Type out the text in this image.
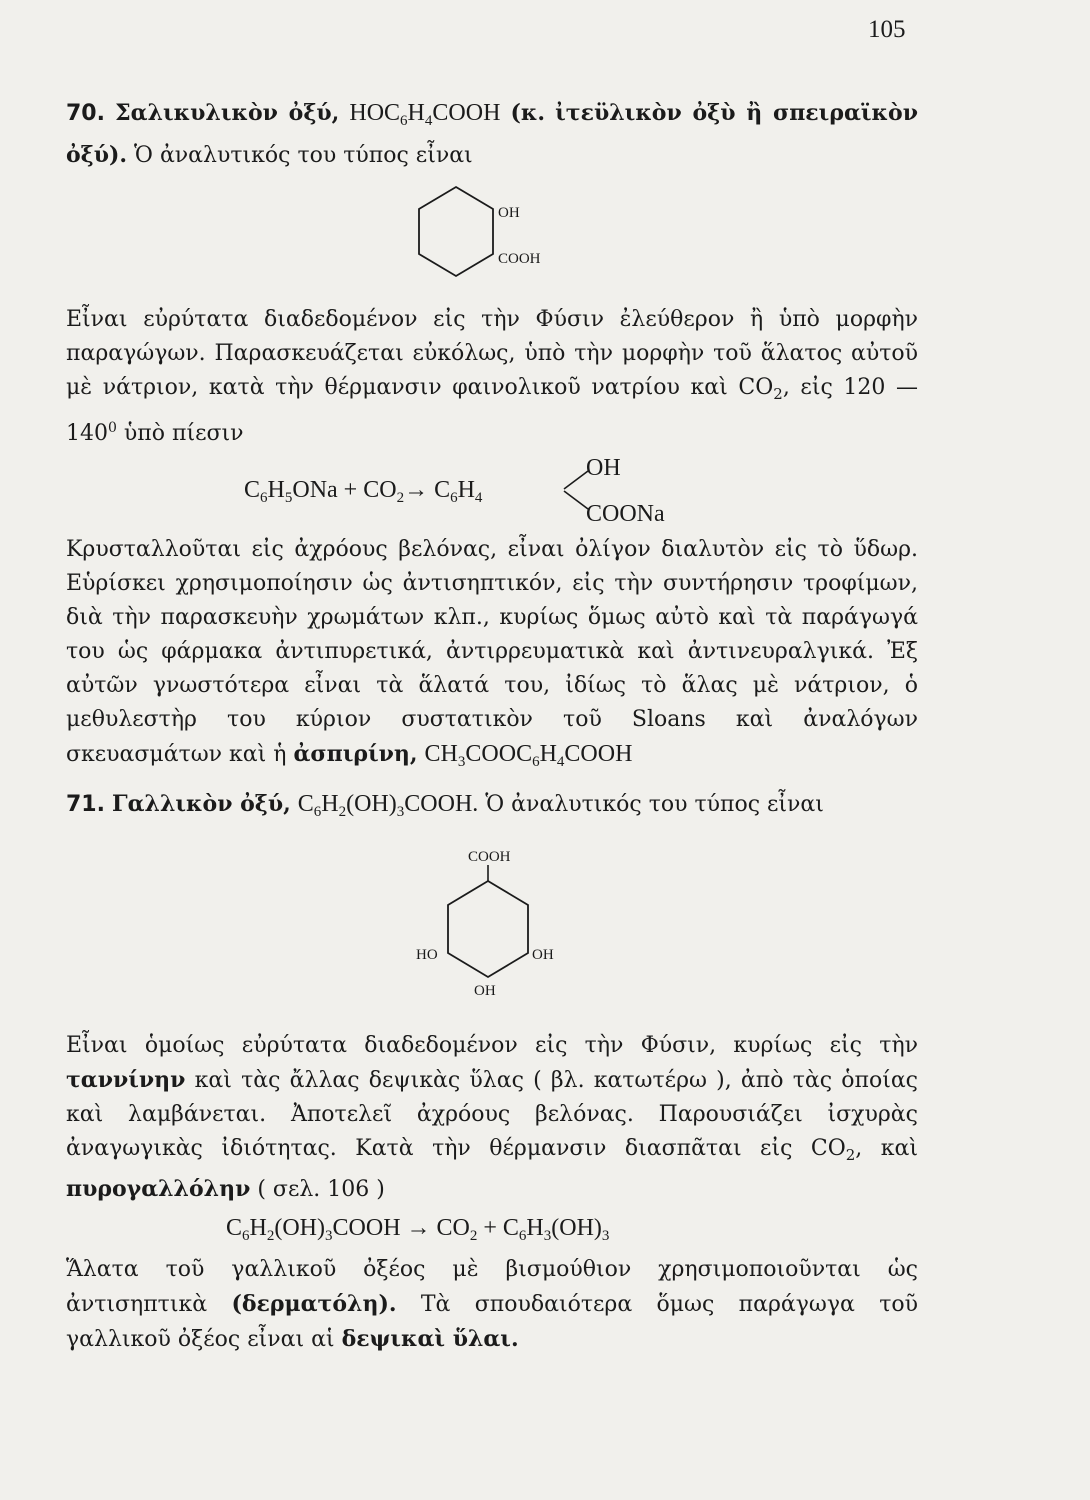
105

70. Σαλικυλικὸν ὀξύ, $HOC_6H_4COOH$ (κ. ἰτεϋλικὸν ὀξὺ ἢ σπειραϊκὸν ὀξύ). Ὁ ἀναλυτικός του τύπος εἶναι

OH
COOH

Εἶναι εὐρύτατα διαδεδομένον εἰς τὴν Φύσιν ἐλεύθερον ἢ ὑπὸ μορφὴν παραγώγων. Παρασκευάζεται εὐκόλως, ὑπὸ τὴν μορφὴν τοῦ ἅλατος αὐτοῦ μὲ νάτριον, κατὰ τὴν θέρμανσιν φαινολικοῦ νατρίου καὶ $CO_2$, εἰς 120 — $140^0$ ὑπὸ πίεσιν

$C_6H_5ONa + CO_2\to C_6H_4$
OH
COONa

Κρυσταλλοῦται εἰς ἀχρόους βελόνας, εἶναι ὀλίγον διαλυτὸν εἰς τὸ ὕδωρ. Εὑρίσκει χρησιμοποίησιν ὡς ἀντισηπτικόν, εἰς τὴν συντήρησιν τροφίμων, διὰ τὴν παρασκευὴν χρωμάτων κλπ., κυρίως ὅμως αὐτὸ καὶ τὰ παράγωγά του ὡς φάρμακα ἀντιπυρετικά, ἀντιρρευματικὰ καὶ ἀντινευραλγικά. Ἐξ αὐτῶν γνωστότερα εἶναι τὰ ἅλατά του, ἰδίως τὸ ἅλας μὲ νάτριον, ὁ μεθυλεστὴρ του κύριον συστατικὸν τοῦ Sloans καὶ ἀναλόγων σκευασμάτων καὶ ἡ ἀσπιρίνη, $CH_3COOC_6H_4COOH$

71. Γαλλικὸν ὀξύ, $C_6H_2(OH)_3COOH$. Ὁ ἀναλυτικός του τύπος εἶναι

COOH
HO	OH
OH

Εἶναι ὁμοίως εὐρύτατα διαδεδομένον εἰς τὴν Φύσιν, κυρίως εἰς τὴν ταννίνην καὶ τὰς ἄλλας δεψικὰς ὕλας ( βλ. κατωτέρω ), ἀπὸ τὰς ὁποίας καὶ λαμβάνεται. Ἀποτελεῖ ἀχρόους βελόνας. Παρουσιάζει ἰσχυρὰς ἀναγωγικὰς ἰδιότητας. Κατὰ τὴν θέρμανσιν διασπᾶται εἰς $CO_2$, καὶ πυρογαλλόλην ( σελ. 106 )

$C_6H_2(OH)_3COOH \to CO_2 + C_6H_3(OH)_3$

Ἅλατα τοῦ γαλλικοῦ ὀξέος μὲ βισμούθιον χρησιμοποιοῦνται ὡς ἀντισηπτικὰ (δερματόλη). Τὰ σπουδαιότερα ὅμως παράγωγα τοῦ γαλλικοῦ ὀξέος εἶναι αἱ δεψικαὶ ὕλαι.
